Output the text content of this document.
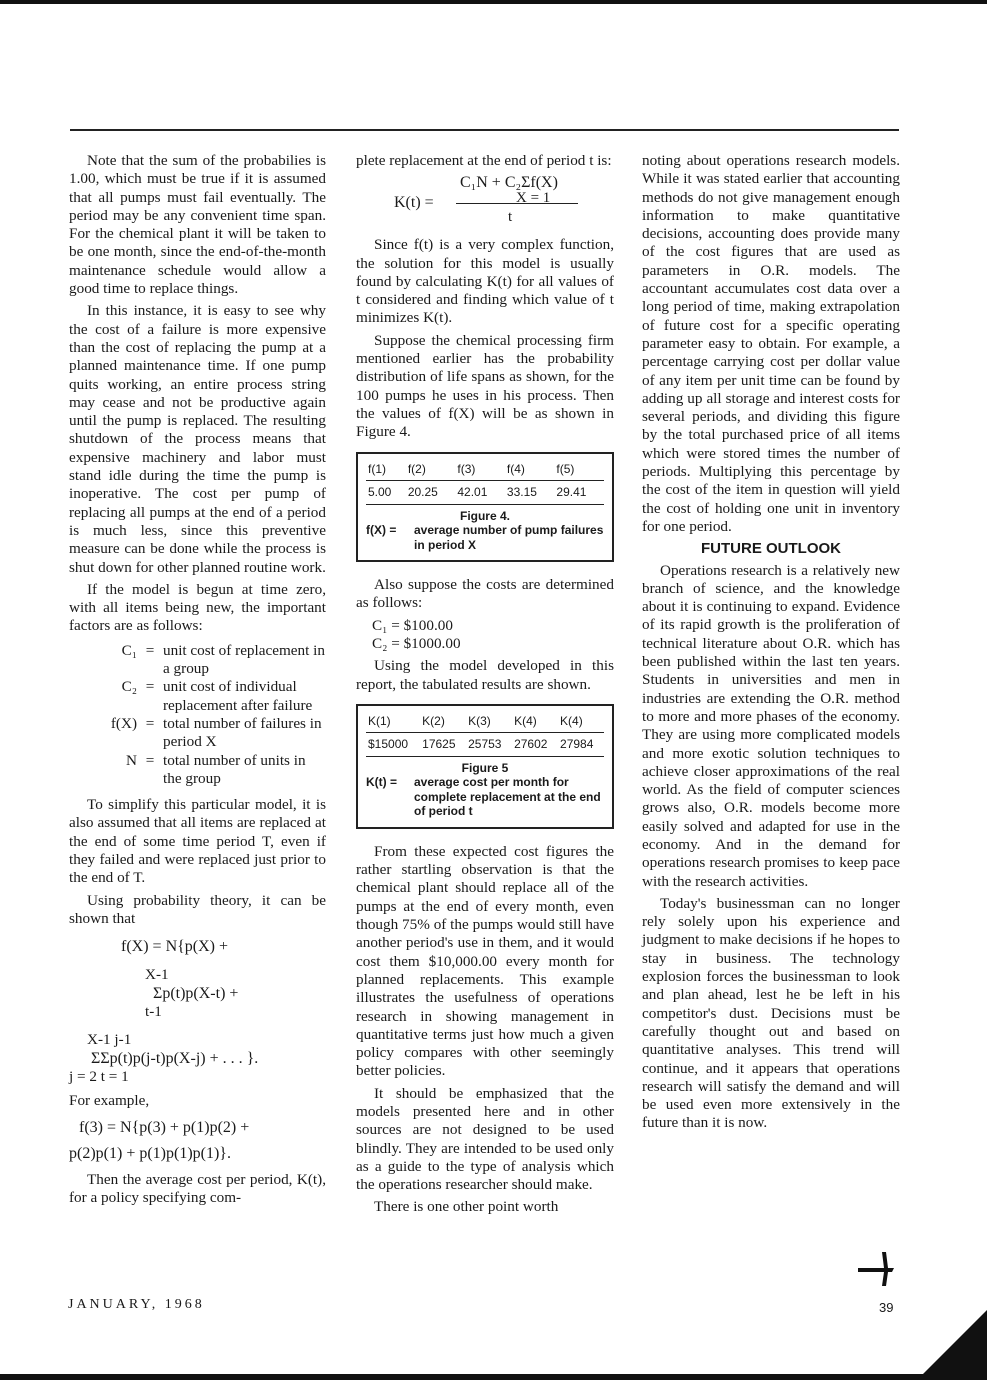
Note that the sum of the probabilies is 1.00, which must be true if it is assumed that all pumps must fail eventually. The period may be any convenient time span. For the chemical plant it will be taken to be one month, since the end-of-the-month maintenance schedule would allow a good time to replace things.

In this instance, it is easy to see why the cost of a failure is more expensive than the cost of replacing the pump at a planned maintenance time. If one pump quits working, an entire process string may cease and not be productive again until the pump is replaced. The resulting shutdown of the process means that expensive machinery and labor must stand idle during the time the pump is inoperative. The cost per pump of replacing all pumps at the end of a period is much less, since this preventive measure can be done while the process is shut down for other planned routine work.

If the model is begun at time zero, with all items being new, the important factors are as follows:

C₁ = unit cost of replacement in a group
C₂ = unit cost of individual replacement after failure
f(X) = total number of failures in period X
N = total number of units in the group

To simplify this particular model, it is also assumed that all items are replaced at the end of some time period T, even if they failed and were replaced just prior to the end of T.

Using probability theory, it can be shown that

f(X) = N{p(X) +
X-1
Σp(t)p(X-t) +
t-1
X-1 j-1
ΣΣp(t)p(j-t)p(X-j) + . . . }.
j = 2 t = 1

For example,

f(3) = N{p(3) + p(1)p(2) +
p(2)p(1) + p(1)p(1)p(1)}.

Then the average cost per period, K(t), for a policy specifying com-

plete replacement at the end of period t is:

C₁N + C₂Σf(X)
K(t) =	X = 1
t

Since f(t) is a very complex function, the solution for this model is usually found by calculating K(t) for all values of t considered and finding which value of t minimizes K(t).

Suppose the chemical processing firm mentioned earlier has the probability distribution of life spans as shown, for the 100 pumps he uses in his process. Then the values of f(X) will be as shown in Figure 4.

f(1)	f(2)	f(3)	f(4)	f(5)
5.00	20.25	42.01	33.15	29.41
Figure 4.
f(X) =	average number of pump failures in period X

Also suppose the costs are determined as follows:

C₁ = $100.00
C₂ = $1000.00

Using the model developed in this report, the tabulated results are shown.

K(1)	K(2)	K(3)	K(4)	K(4)
$15000	17625	25753	27602	27984
Figure 5
K(t) =	average cost per month for complete replacement at the end of period t

From these expected cost figures the rather startling observation is that the chemical plant should replace all of the pumps at the end of every month, even though 75% of the pumps would still have another period's use in them, and it would cost them $10,000.00 every month for planned replacements. This example illustrates the usefulness of operations research in showing management in quantitative terms just how much a given policy compares with other seemingly better policies.

It should be emphasized that the models presented here and in other sources are not designed to be used blindly. They are intended to be used only as a guide to the type of analysis which the operations researcher should make.

There is one other point worth

noting about operations research models. While it was stated earlier that accounting methods do not give management enough information to make quantitative decisions, accounting does provide many of the cost figures that are used as parameters in O.R. models. The accountant accumulates cost data over a long period of time, making extrapolation of future cost for a specific operating parameter easy to obtain. For example, a percentage carrying cost per dollar value of any item per unit time can be found by adding up all storage and interest costs for several periods, and dividing this figure by the total purchased price of all items which were stored times the number of periods. Multiplying this percentage by the cost of the item in question will yield the cost of holding one unit in inventory for one period.

FUTURE OUTLOOK

Operations research is a relatively new branch of science, and the knowledge about it is continuing to expand. Evidence of its rapid growth is the proliferation of technical literature about O.R. which has been published within the last ten years. Students in universities and men in industries are extending the O.R. method to more and more phases of the economy. They are using more complicated models and more exotic solution techniques to achieve closer approximations of the real world. As the field of computer sciences grows also, O.R. models become more easily solved and adapted for use in the economy. And in the demand for operations research promises to keep pace with the research activities.

Today's businessman can no longer rely solely upon his experience and judgment to make decisions if he hopes to stay in business. The technology explosion forces the businessman to look and plan ahead, lest he be left in his competitor's dust. Decisions must be carefully thought out and based on quantitative analyses. This trend will continue, and it appears that operations research will satisfy the demand and will be used even more extensively in the future than it is now.

JANUARY, 1968	39
